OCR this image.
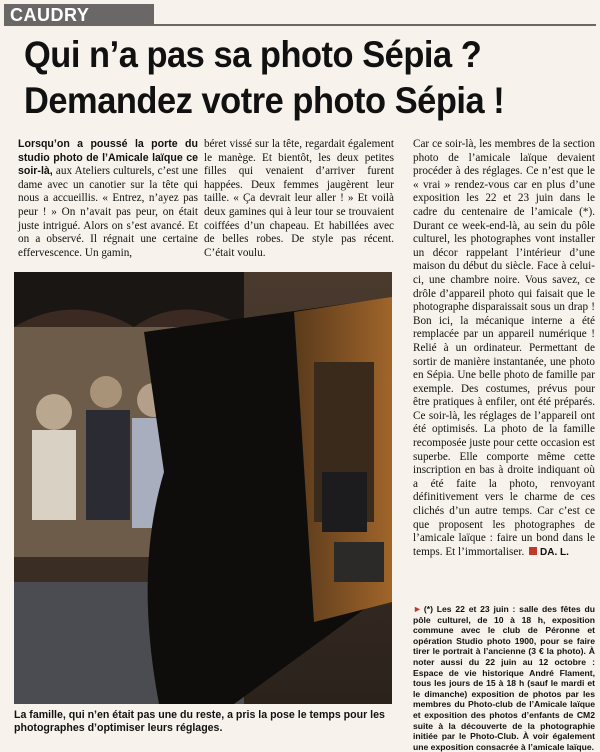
CAUDRY
Qui n’a pas sa photo Sépia ?
Demandez votre photo Sépia !

Lorsqu’on a poussé la porte du studio photo de l’Amicale laïque ce soir-là, aux Ateliers culturels, c’est une dame avec un canotier sur la tête qui nous a accueillis. « Entrez, n’ayez pas peur ! » On n’avait pas peur, on était juste intrigué. Alors on s’est avancé. Et on a observé. Il régnait une certaine effervescence. Un gamin,

béret vissé sur la tête, regardait également le manège. Et bientôt, les deux petites filles qui venaient d’arriver furent happées. Deux femmes jaugèrent leur taille. « Ça devrait leur aller ! » Et voilà deux gamines qui à leur tour se trouvaient coiffées d’un chapeau. Et habillées avec de belles robes. De style pas récent. C’était voulu.

Car ce soir-là, les membres de la section photo de l’amicale laïque devaient procéder à des réglages. Ce n’est que le « vrai » rendez-vous car en plus d’une exposition les 22 et 23 juin dans le cadre du centenaire de l’amicale (*). Durant ce week-end-là, au sein du pôle culturel, les photographes vont installer un décor rappelant l’intérieur d’une maison du début du siècle. Face à celui-ci, une chambre noire. Vous savez, ce drôle d’appareil photo qui faisait que le photographe disparaissait sous un drap ! Bon ici, la mécanique interne a été remplacée par un appareil numérique ! Relié à un ordinateur. Permettant de sortir de manière instantanée, une photo en Sépia. Une belle photo de famille par exemple. Des costumes, prévus pour être pratiques à enfiler, ont été préparés. Ce soir-là, les réglages de l’appareil ont été optimisés. La photo de la famille recomposée juste pour cette occasion est superbe. Elle comporte même cette inscription en bas à droite indiquant où a été faite la photo, renvoyant définitivement vers le charme de ces clichés d’un autre temps. Car c’est ce que proposent les photographes de l’amicale laïque : faire un bond dans le temps. Et l’immortaliser. DA. L.

La famille, qui n’en était pas une du reste, a pris la pose le temps pour les photographes d’optimiser leurs réglages.
► (*) Les 22 et 23 juin : salle des fêtes du pôle culturel, de 10 à 18 h, exposition commune avec le club de Péronne et opération Studio photo 1900, pour se faire tirer le portrait à l’ancienne (3 € la photo). À noter aussi du 22 juin au 12 octobre : Espace de vie historique André Flament, tous les jours de 15 à 18 h (sauf le mardi et le dimanche) exposition de photos par les membres du Photo-club de l’Amicale laïque et exposition des photos d’enfants de CM2 suite à la découverte de la photographie initiée par le Photo-Club. À voir également une exposition consacrée à l’amicale laïque.
